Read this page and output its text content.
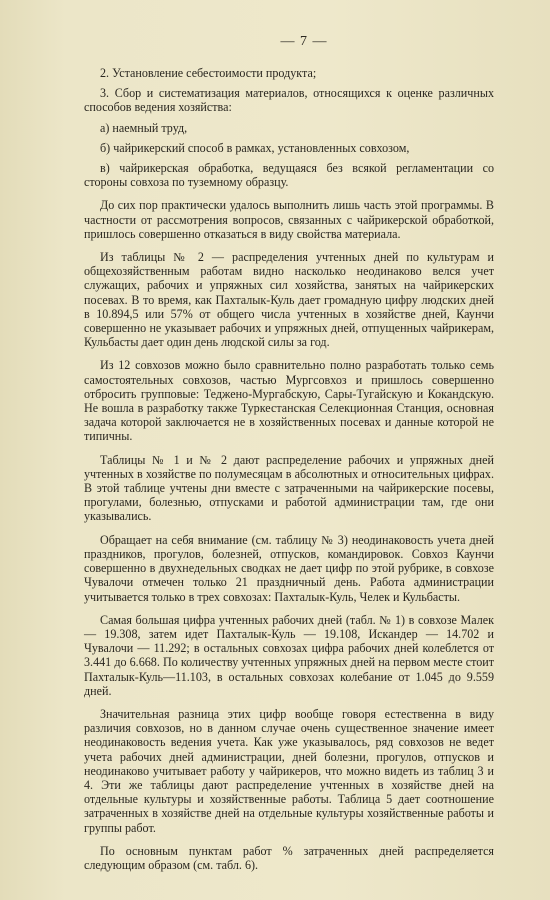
— 7 —

2. Установление себестоимости продукта;

3. Сбор и систематизация материалов, относящихся к оценке различных способов ведения хозяйства:

а) наемный труд,

б) чайрикерский способ в рамках, установленных совхозом,

в) чайрикерская обработка, ведущаяся без всякой регламентации со стороны совхоза по туземному образцу.

До сих пор практически удалось выполнить лишь часть этой программы. В частности от рассмотрения вопросов, связанных с чайрикерской обработкой, пришлось совершенно отказаться в виду свойства материала.

Из таблицы № 2 — распределения учтенных дней по культурам и общехозяйственным работам видно насколько неодинаково велся учет служащих, рабочих и упряжных сил хозяйства, занятых на чайрикерских посевах. В то время, как Пахталык-Куль дает громадную цифру людских дней в 10.894,5 или 57% от общего числа учтенных в хозяйстве дней, Каунчи совершенно не указывает рабочих и упряжных дней, отпущенных чайрикерам, Кульбасты дает один день людской силы за год.

Из 12 совхозов можно было сравнительно полно разработать только семь самостоятельных совхозов, частью Мургсовхоз и пришлось совершенно отбросить групповые: Теджено-Мургабскую, Сары-Тугайскую и Кокандскую. Не вошла в разработку также Туркестанская Селекционная Станция, основная задача которой заключается не в хозяйственных посевах и данные которой не типичны.

Таблицы № 1 и № 2 дают распределение рабочих и упряжных дней учтенных в хозяйстве по полумесяцам в абсолютных и относительных цифрах. В этой таблице учтены дни вместе с затраченными на чайрикерские посевы, прогулами, болезнью, отпусками и работой администрации там, где они указывались.

Обращает на себя внимание (см. таблицу № 3) неодинаковость учета дней праздников, прогулов, болезней, отпусков, командировок. Совхоз Каунчи совершенно в двухнедельных сводках не дает цифр по этой рубрике, в совхозе Чувалочи отмечен только 21 праздничный день. Работа администрации учитывается только в трех совхозах: Пахталык-Куль, Челек и Кульбасты.

Самая большая цифра учтенных рабочих дней (табл. № 1) в совхозе Малек — 19.308, затем идет Пахталык-Куль — 19.108, Искандер — 14.702 и Чувалочи — 11.292; в остальных совхозах цифра рабочих дней колеблется от 3.441 до 6.668. По количеству учтенных упряжных дней на первом месте стоит Пахталык-Куль—11.103, в остальных совхозах колебание от 1.045 до 9.559 дней.

Значительная разница этих цифр вообще говоря естественна в виду различия совхозов, но в данном случае очень существенное значение имеет неодинаковость ведения учета. Как уже указывалось, ряд совхозов не ведет учета рабочих дней администрации, дней болезни, прогулов, отпусков и неодинаково учитывает работу у чайрикеров, что можно видеть из таблиц 3 и 4. Эти же таблицы дают распределение учтенных в хозяйстве дней на отдельные культуры и хозяйственные работы. Таблица 5 дает соотношение затраченных в хозяйстве дней на отдельные культуры хозяйственные работы и группы работ.

По основным пунктам работ % затраченных дней распределяется следующим образом (см. табл. 6).
